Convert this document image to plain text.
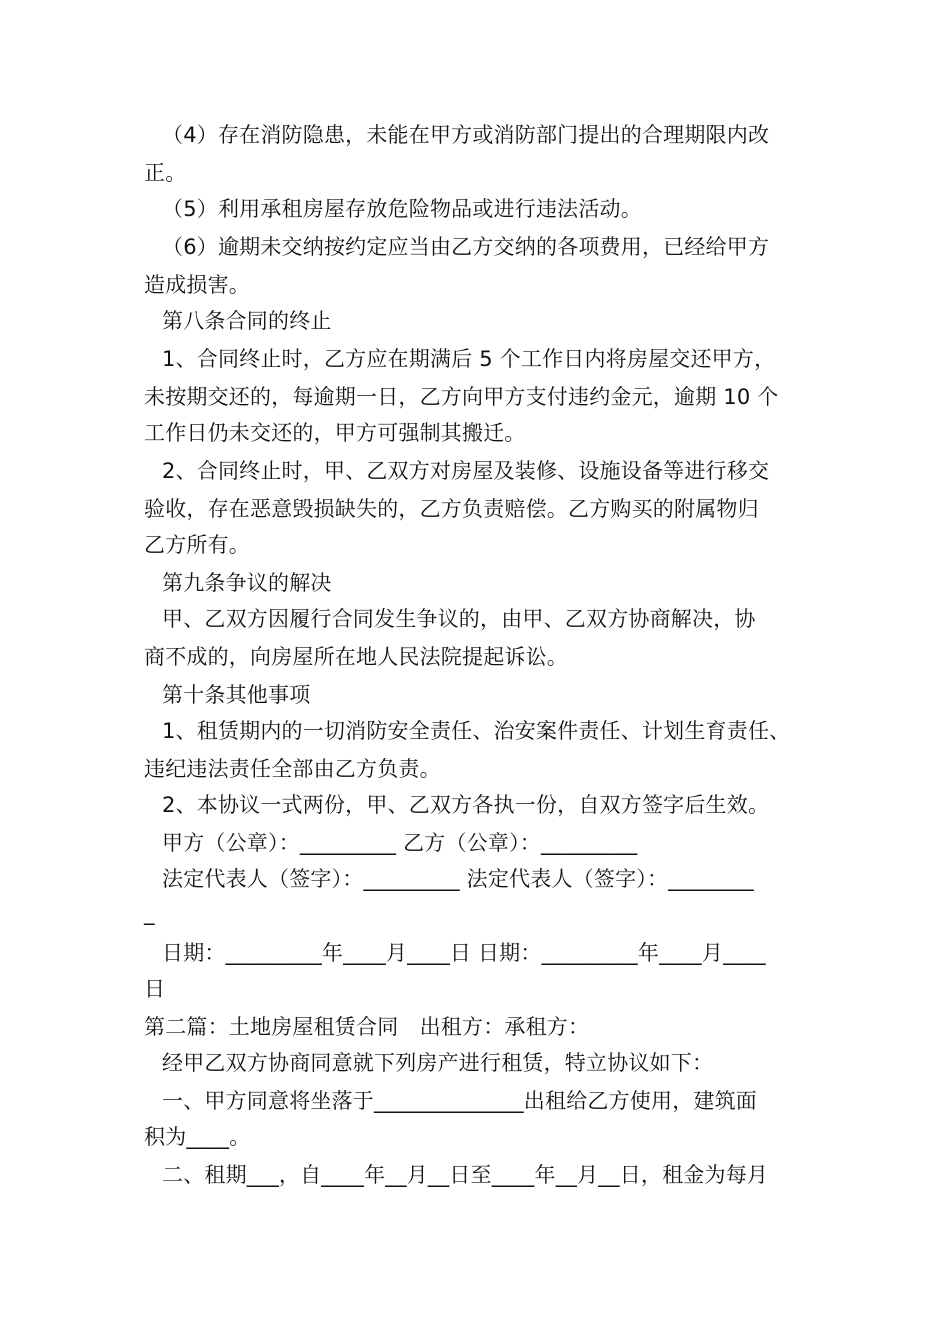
（4）存在消防隐患，未能在甲方或消防部门提出的合理期限内改
正。
（5）利用承租房屋存放危险物品或进行违法活动。
（6）逾期未交纳按约定应当由乙方交纳的各项费用，已经给甲方
造成损害。
第八条合同的终止
1、合同终止时，乙方应在期满后 5 个工作日内将房屋交还甲方，
未按期交还的，每逾期一日，乙方向甲方支付违约金元，逾期 10 个
工作日仍未交还的，甲方可强制其搬迁。
2、合同终止时，甲、乙双方对房屋及装修、设施设备等进行移交
验收，存在恶意毁损缺失的，乙方负责赔偿。乙方购买的附属物归
乙方所有。
第九条争议的解决
甲、乙双方因履行合同发生争议的，由甲、乙双方协商解决，协
商不成的，向房屋所在地人民法院提起诉讼。
第十条其他事项
1、租赁期内的一切消防安全责任、治安案件责任、计划生育责任、
违纪违法责任全部由乙方负责。
2、本协议一式两份，甲、乙双方各执一份，自双方签字后生效。
甲方（公章）：_________ 乙方（公章）：_________
法定代表人（签字）：_________ 法定代表人（签字）：________
_
日期：_________年____月____日 日期：_________年____月____
日
第二篇：土地房屋租赁合同　出租方：承租方：
经甲乙双方协商同意就下列房产进行租赁，特立协议如下：
一、甲方同意将坐落于______________出租给乙方使用，建筑面
积为____。
二、租期___，自____年__月__日至____年__月__日，租金为每月
